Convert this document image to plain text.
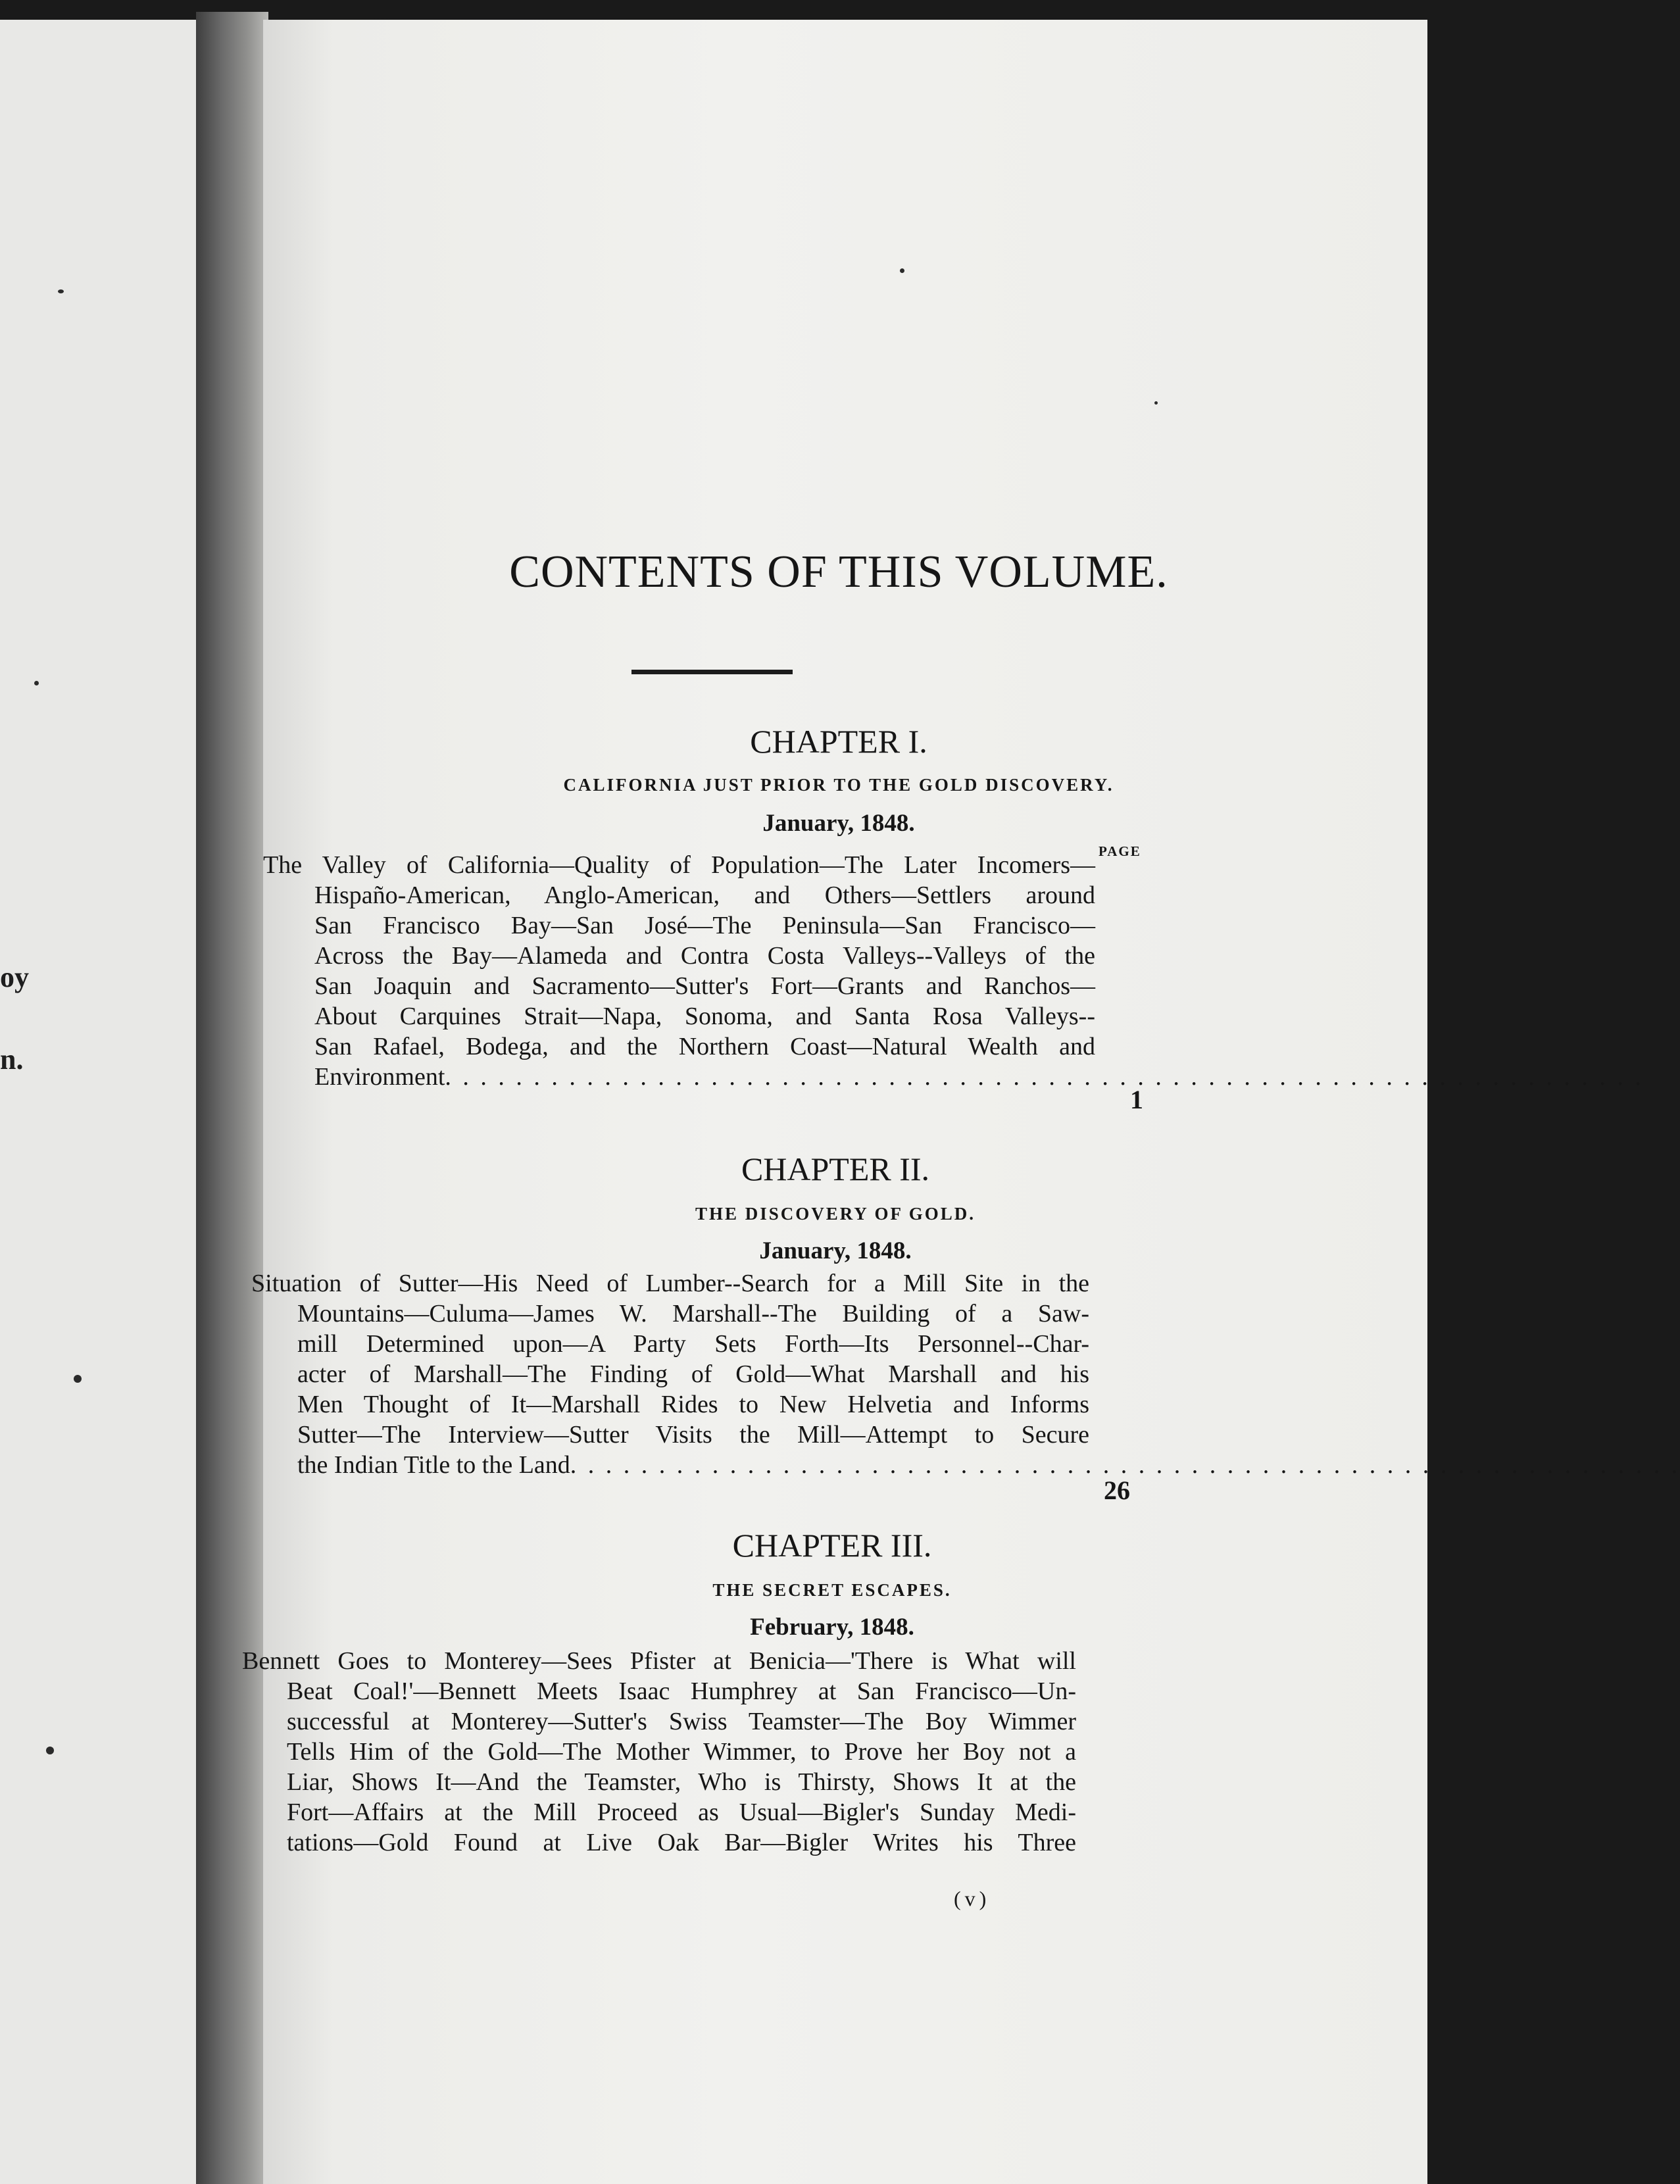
oy
n.
CONTENTS OF THIS VOLUME.
CHAPTER I.
CALIFORNIA JUST PRIOR TO THE GOLD DISCOVERY.
January, 1848.
PAGE
The Valley of California—Quality of Population—The Later Incomers—
Hispaño-American, Anglo-American, and Others—Settlers around
San Francisco Bay—San José—The Peninsula—San Francisco—
Across the Bay—Alameda and Contra Costa Valleys--Valleys of the
San Joaquin and Sacramento—Sutter's Fort—Grants and Ranchos—
About Carquines Strait—Napa, Sonoma, and Santa Rosa Valleys--
San Rafael, Bodega, and the Northern Coast—Natural Wealth and
Environment. . . . . . . . . . . . . . . . . . . . . . . . . . . . . . . . . . . . . . . . . . . . . . . . . . . . . . . . . . . . . . . . . . . .
1
CHAPTER II.
THE DISCOVERY OF GOLD.
January, 1848.
Situation of Sutter—His Need of Lumber--Search for a Mill Site in the
Mountains—Culuma—James W. Marshall--The Building of a Saw-
mill Determined upon—A Party Sets Forth—Its Personnel--Char-
acter of Marshall—The Finding of Gold—What Marshall and his
Men Thought of It—Marshall Rides to New Helvetia and Informs
Sutter—The Interview—Sutter Visits the Mill—Attempt to Secure
the Indian Title to the Land. . . . . . . . . . . . . . . . . . . . . . . . . . . . . . . . . . . . . . . . . . . . . . . . . . . . . . . . . . . . . . .
26
CHAPTER III.
THE SECRET ESCAPES.
February, 1848.
Bennett Goes to Monterey—Sees Pfister at Benicia—'There is What will
Beat Coal!'—Bennett Meets Isaac Humphrey at San Francisco—Un-
successful at Monterey—Sutter's Swiss Teamster—The Boy Wimmer
Tells Him of the Gold—The Mother Wimmer, to Prove her Boy not a
Liar, Shows It—And the Teamster, Who is Thirsty, Shows It at the
Fort—Affairs at the Mill Proceed as Usual—Bigler's Sunday Medi-
tations—Gold Found at Live Oak Bar—Bigler Writes his Three
(v)
